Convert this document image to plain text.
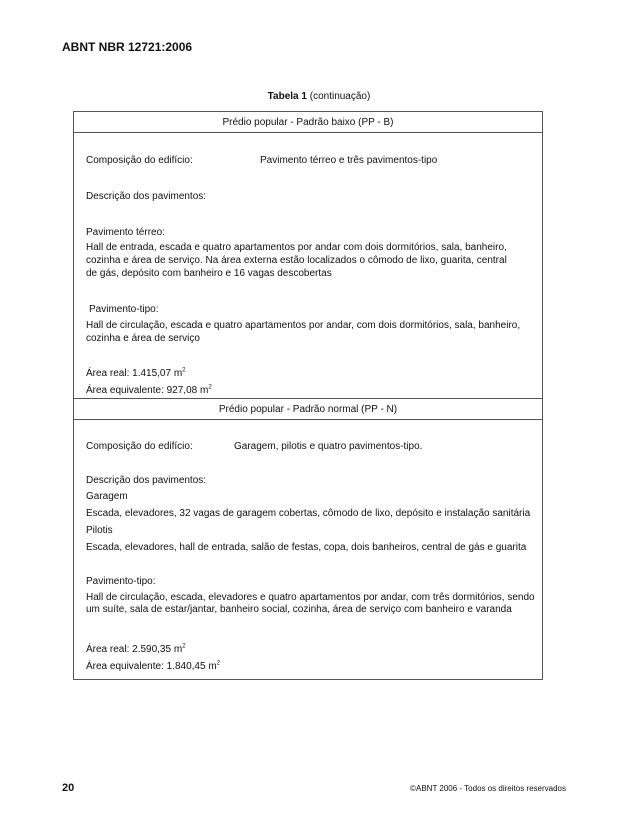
ABNT NBR 12721:2006
Tabela 1 (continuação)
Prédio popular - Padrão baixo (PP - B)
Composição do edifício:	Pavimento térreo e três pavimentos-tipo
Descrição dos pavimentos:
Pavimento térreo:
Hall de entrada, escada e quatro apartamentos por andar com dois dormitórios, sala, banheiro,
cozinha e área de serviço. Na área externa estão localizados o cômodo de lixo, guarita, central
de gás, depósito com banheiro e 16 vagas descobertas
Pavimento-tipo:
Hall de circulação, escada e quatro apartamentos por andar, com dois dormitórios, sala, banheiro,
cozinha e área de serviço
Área real: 1.415,07 $m^2$
Área equivalente: 927,08 $m^2$
Prédio popular - Padrão normal (PP - N)
Composição do edifício:	Garagem, pilotis e quatro pavimentos-tipo.
Descrição dos pavimentos:
Garagem
Escada, elevadores, 32 vagas de garagem cobertas, cômodo de lixo, depósito e instalação sanitária
Pilotis
Escada, elevadores, hall de entrada, salão de festas, copa, dois banheiros, central de gás e guarita
Pavimento-tipo:
Hall de circulação, escada, elevadores e quatro apartamentos por andar, com três dormitórios, sendo
um suíte, sala de estar/jantar, banheiro social, cozinha, área de serviço com banheiro e varanda
Área real: 2.590,35 $m^2$
Área equivalente: 1.840,45 $m^2$
20	©ABNT 2006 - Todos os direitos reservados
